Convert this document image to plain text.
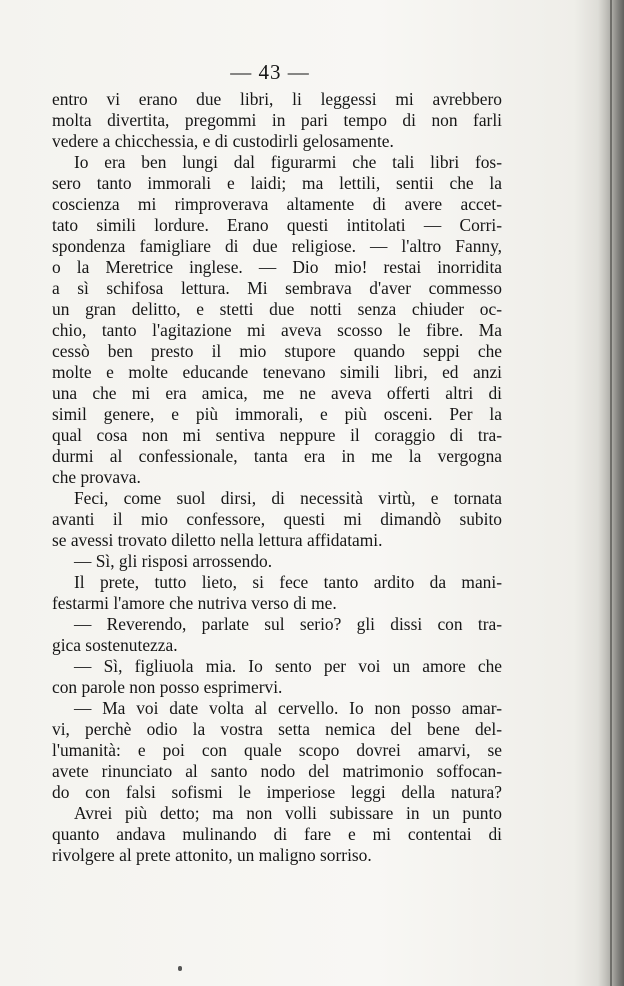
— 43 —
entro vi erano due libri, li leggessi mi avrebbero
molta divertita, pregommi in pari tempo di non farli
vedere a chicchessia, e di custodirli gelosamente.
Io era ben lungi dal figurarmi che tali libri fos-
sero tanto immorali e laidi; ma lettili, sentii che la
coscienza mi rimproverava altamente di avere accet-
tato simili lordure. Erano questi intitolati — Corri-
spondenza famigliare di due religiose. — l'altro Fanny,
o la Meretrice inglese. — Dio mio! restai inorridita
a sì schifosa lettura. Mi sembrava d'aver commesso
un gran delitto, e stetti due notti senza chiuder oc-
chio, tanto l'agitazione mi aveva scosso le fibre. Ma
cessò ben presto il mio stupore quando seppi che
molte e molte educande tenevano simili libri, ed anzi
una che mi era amica, me ne aveva offerti altri di
simil genere, e più immorali, e più osceni. Per la
qual cosa non mi sentiva neppure il coraggio di tra-
durmi al confessionale, tanta era in me la vergogna
che provava.
Feci, come suol dirsi, di necessità virtù, e tornata
avanti il mio confessore, questi mi dimandò subito
se avessi trovato diletto nella lettura affidatami.
— Sì, gli risposi arrossendo.
Il prete, tutto lieto, si fece tanto ardito da mani-
festarmi l'amore che nutriva verso di me.
— Reverendo, parlate sul serio? gli dissi con tra-
gica sostenutezza.
— Sì, figliuola mia. Io sento per voi un amore che
con parole non posso esprimervi.
— Ma voi date volta al cervello. Io non posso amar-
vi, perchè odio la vostra setta nemica del bene del-
l'umanità: e poi con quale scopo dovrei amarvi, se
avete rinunciato al santo nodo del matrimonio soffocan-
do con falsi sofismi le imperiose leggi della natura?
Avrei più detto; ma non volli subissare in un punto
quanto andava mulinando di fare e mi contentai di
rivolgere al prete attonito, un maligno sorriso.
